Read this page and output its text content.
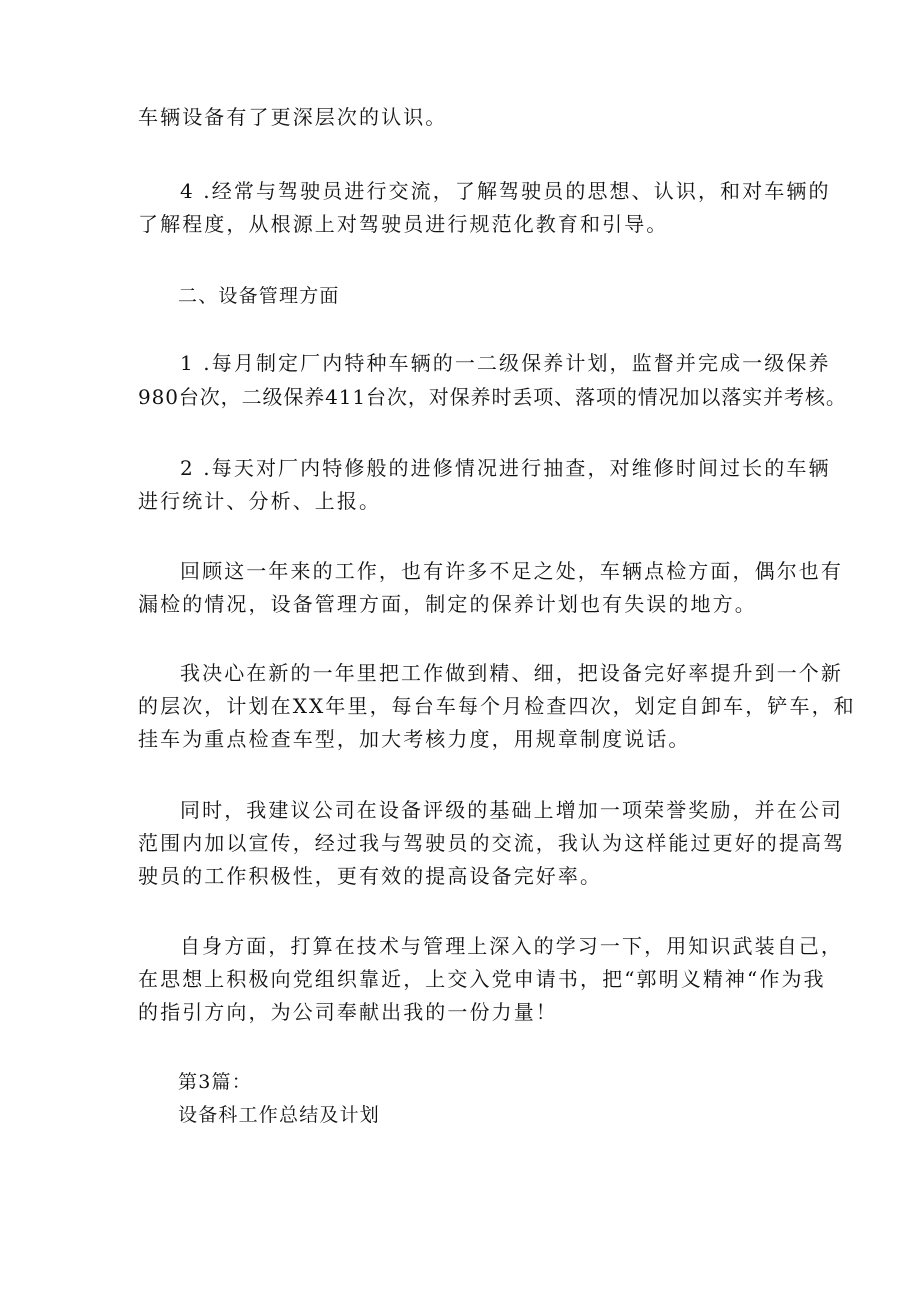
车辆设备有了更深层次的认识。
4 .经常与驾驶员进行交流，了解驾驶员的思想、认识，和对车辆的
了解程度，从根源上对驾驶员进行规范化教育和引导。
二、设备管理方面
1 .每月制定厂内特种车辆的一二级保养计划，监督并完成一级保养
980台次，二级保养411台次，对保养时丢项、落项的情况加以落实并考核。
2 .每天对厂内特修般的进修情况进行抽查，对维修时间过长的车辆
进行统计、分析、上报。
回顾这一年来的工作，也有许多不足之处，车辆点检方面，偶尔也有
漏检的情况，设备管理方面，制定的保养计划也有失误的地方。
我决心在新的一年里把工作做到精、细，把设备完好率提升到一个新
的层次，计划在XX年里，每台车每个月检查四次，划定自卸车，铲车，和
挂车为重点检查车型，加大考核力度，用规章制度说话。
同时，我建议公司在设备评级的基础上增加一项荣誉奖励，并在公司
范围内加以宣传，经过我与驾驶员的交流，我认为这样能过更好的提高驾
驶员的工作积极性，更有效的提高设备完好率。
自身方面，打算在技术与管理上深入的学习一下，用知识武装自己，
在思想上积极向党组织靠近，上交入党申请书，把“郭明义精神“作为我
的指引方向，为公司奉献出我的一份力量！
第3篇：
设备科工作总结及计划
